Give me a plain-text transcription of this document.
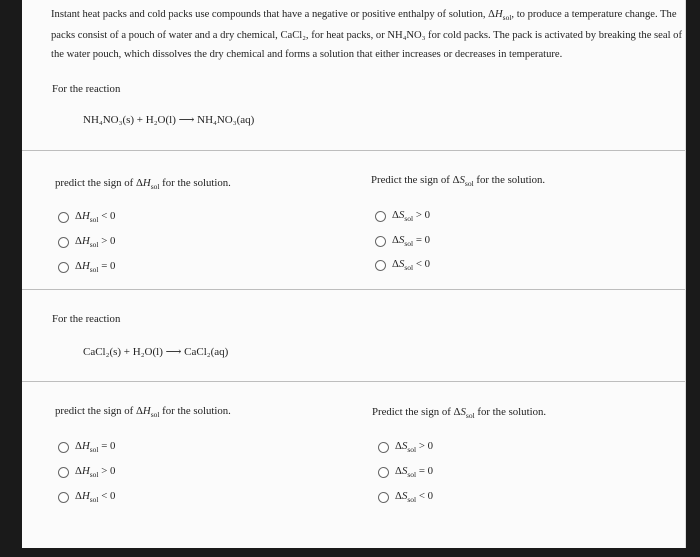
Instant heat packs and cold packs use compounds that have a negative or positive enthalpy of solution, $\Delta H_{sol}$, to produce a temperature change. The packs consist of a pouch of water and a dry chemical, CaCl₂, for heat packs, or NH₄NO₃ for cold packs. The pack is activated by breaking the seal of the water pouch, which dissolves the dry chemical and forms a solution that either increases or decreases in temperature.
For the reaction
NH₄NO₃(s) + H₂O(l) ⟶ NH₄NO₃(aq)
predict the sign of $\Delta H_{sol}$ for the solution.	Predict the sign of $\Delta S_{sol}$ for the solution.
$\Delta H_{sol} < 0$
$\Delta H_{sol} > 0$
$\Delta H_{sol} = 0$
$\Delta S_{sol} > 0$
$\Delta S_{sol} = 0$
$\Delta S_{sol} < 0$
For the reaction
CaCl₂(s) + H₂O(l) ⟶ CaCl₂(aq)
predict the sign of $\Delta H_{sol}$ for the solution.	Predict the sign of $\Delta S_{sol}$ for the solution.
$\Delta H_{sol} = 0$
$\Delta H_{sol} > 0$
$\Delta H_{sol} < 0$
$\Delta S_{sol} > 0$
$\Delta S_{sol} = 0$
$\Delta S_{sol} < 0$
